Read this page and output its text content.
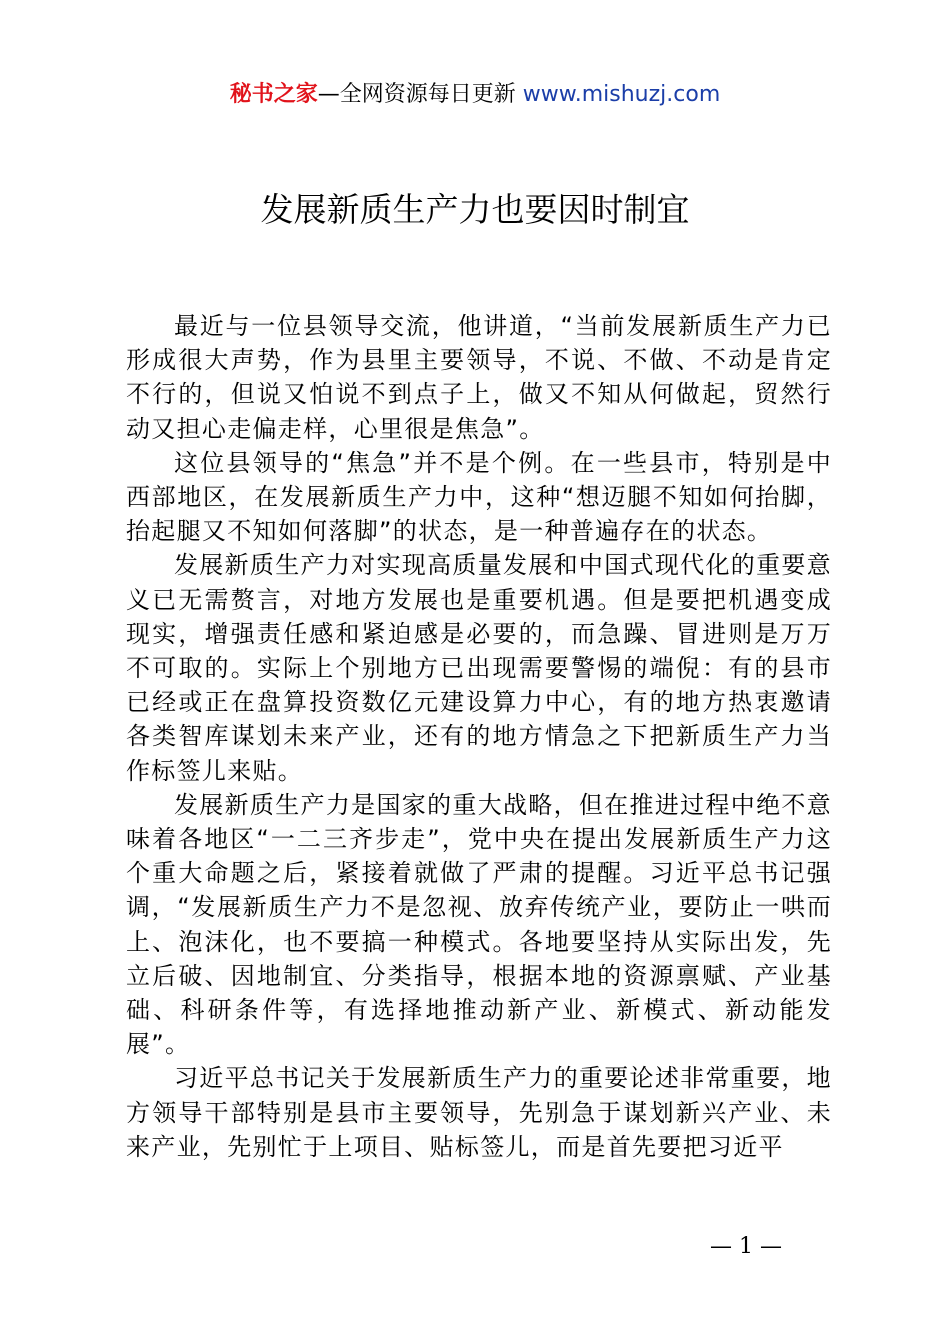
秘书之家—全网资源每日更新 www.mishuzj.com
发展新质生产力也要因时制宜

最近与一位县领导交流，他讲道，“当前发展新质生产力已形成很大声势，作为县里主要领导，不说、不做、不动是肯定不行的，但说又怕说不到点子上，做又不知从何做起，贸然行动又担心走偏走样，心里很是焦急”。

这位县领导的“焦急”并不是个例。在一些县市，特别是中西部地区，在发展新质生产力中，这种“想迈腿不知如何抬脚，抬起腿又不知如何落脚”的状态，是一种普遍存在的状态。

发展新质生产力对实现高质量发展和中国式现代化的重要意义已无需赘言，对地方发展也是重要机遇。但是要把机遇变成现实，增强责任感和紧迫感是必要的，而急躁、冒进则是万万不可取的。实际上个别地方已出现需要警惕的端倪：有的县市已经或正在盘算投资数亿元建设算力中心，有的地方热衷邀请各类智库谋划未来产业，还有的地方情急之下把新质生产力当作标签儿来贴。

发展新质生产力是国家的重大战略，但在推进过程中绝不意味着各地区“一二三齐步走”，党中央在提出发展新质生产力这个重大命题之后，紧接着就做了严肃的提醒。习近平总书记强调，“发展新质生产力不是忽视、放弃传统产业，要防止一哄而上、泡沫化，也不要搞一种模式。各地要坚持从实际出发，先立后破、因地制宜、分类指导，根据本地的资源禀赋、产业基础、科研条件等，有选择地推动新产业、新模式、新动能发展”。

习近平总书记关于发展新质生产力的重要论述非常重要，地方领导干部特别是县市主要领导，先别急于谋划新兴产业、未来产业，先别忙于上项目、贴标签儿，而是首先要把习近平

— 1 —
